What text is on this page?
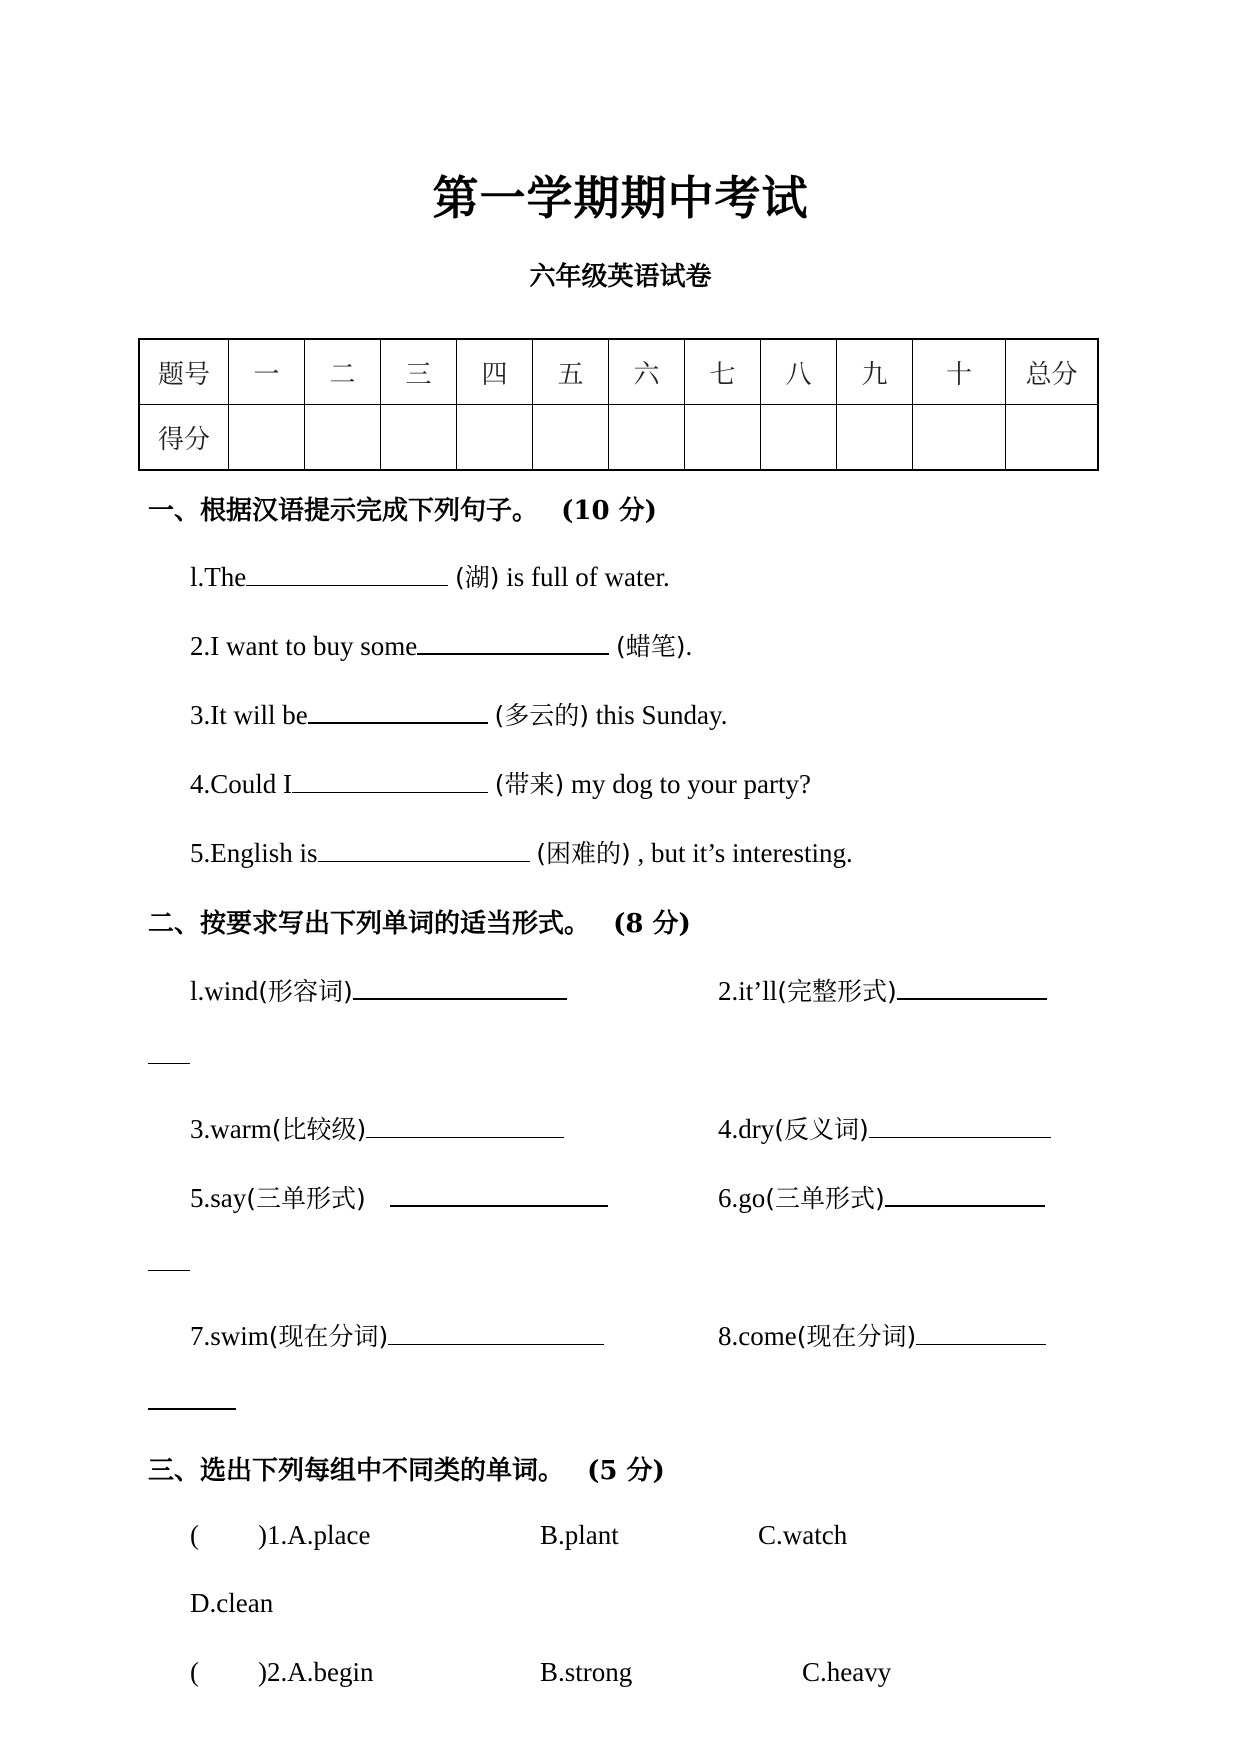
第一学期期中考试
六年级英语试卷
题号	一	二	三	四	五	六	七	八	九	十	总分
得分											
一、根据汉语提示完成下列句子。 (10 分)
l.The	(湖) is full of water.
2.I want to buy some	(蜡笔).
3.It will be	(多云的) this Sunday.
4.Could I	(带来) my dog to your party?
5.English is	(困难的) , but it’s interesting.
二、按要求写出下列单词的适当形式。 (8 分)
l.wind(形容词)	2.it’ll(完整形式)
3.warm(比较级)	4.dry(反义词)
5.say(三单形式)	6.go(三单形式)
7.swim(现在分词)	8.come(现在分词)
三、选出下列每组中不同类的单词。 (5 分)
( )1.A.place	B.plant	C.watch
D.clean
( )2.A.begin	B.strong	C.heavy
